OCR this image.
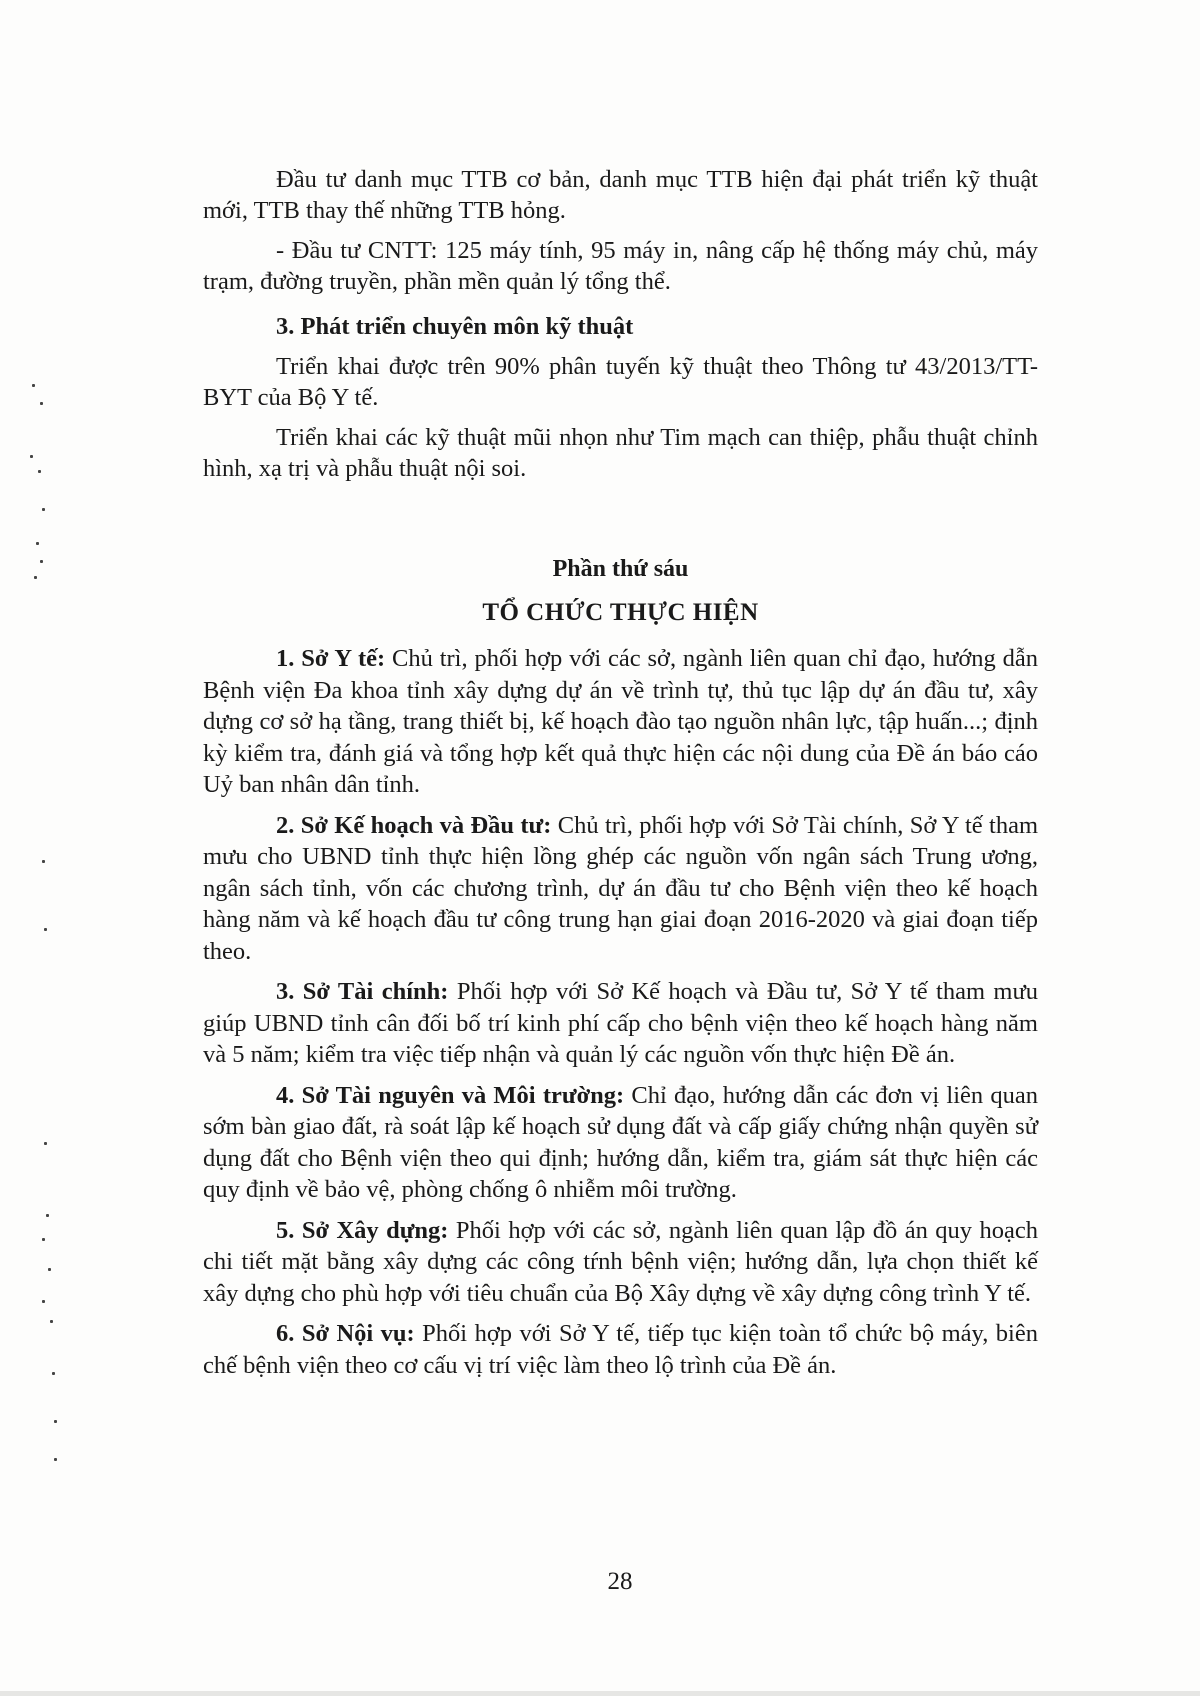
Đầu tư danh mục TTB cơ bản, danh mục TTB hiện đại phát triển kỹ thuật mới, TTB thay thế những TTB hỏng.

- Đầu tư CNTT: 125 máy tính, 95 máy in, nâng cấp hệ thống máy chủ, máy trạm, đường truyền, phần mền quản lý tổng thể.

3. Phát triển chuyên môn kỹ thuật

Triển khai được trên 90% phân tuyến kỹ thuật theo Thông tư 43/2013/TT-BYT của Bộ Y tế.

Triển khai các kỹ thuật mũi nhọn như Tim mạch can thiệp, phẫu thuật chỉnh hình, xạ trị và phẫu thuật nội soi.

Phần thứ sáu
TỔ CHỨC THỰC HIỆN

1. Sở Y tế: Chủ trì, phối hợp với các sở, ngành liên quan chỉ đạo, hướng dẫn Bệnh viện Đa khoa tỉnh xây dựng dự án về trình tự, thủ tục lập dự án đầu tư, xây dựng cơ sở hạ tầng, trang thiết bị, kế hoạch đào tạo nguồn nhân lực, tập huấn...; định kỳ kiểm tra, đánh giá và tổng hợp kết quả thực hiện các nội dung của Đề án báo cáo Uỷ ban nhân dân tỉnh.

2. Sở Kế hoạch và Đầu tư: Chủ trì, phối hợp với Sở Tài chính, Sở Y tế tham mưu cho UBND tỉnh thực hiện lồng ghép các nguồn vốn ngân sách Trung ương, ngân sách tỉnh, vốn các chương trình, dự án đầu tư cho Bệnh viện theo kế hoạch hàng năm và kế hoạch đầu tư công trung hạn giai đoạn 2016-2020 và giai đoạn tiếp theo.

3. Sở Tài chính: Phối hợp với Sở Kế hoạch và Đầu tư, Sở Y tế tham mưu giúp UBND tỉnh cân đối bố trí kinh phí cấp cho bệnh viện theo kế hoạch hàng năm và 5 năm; kiểm tra việc tiếp nhận và quản lý các nguồn vốn thực hiện Đề án.

4. Sở Tài nguyên và Môi trường: Chỉ đạo, hướng dẫn các đơn vị liên quan sớm bàn giao đất, rà soát lập kế hoạch sử dụng đất và cấp giấy chứng nhận quyền sử dụng đất cho Bệnh viện theo qui định; hướng dẫn, kiểm tra, giám sát thực hiện các quy định về bảo vệ, phòng chống ô nhiễm môi trường.

5. Sở Xây dựng: Phối hợp với các sở, ngành liên quan lập đồ án quy hoạch chi tiết mặt bằng xây dựng các công tŕnh bệnh viện; hướng dẫn, lựa chọn thiết kế xây dựng cho phù hợp với tiêu chuẩn của Bộ Xây dựng về xây dựng công trình Y tế.

6. Sở Nội vụ: Phối hợp với Sở Y tế, tiếp tục kiện toàn tổ chức bộ máy, biên chế bệnh viện theo cơ cấu vị trí việc làm theo lộ trình của Đề án.

28
